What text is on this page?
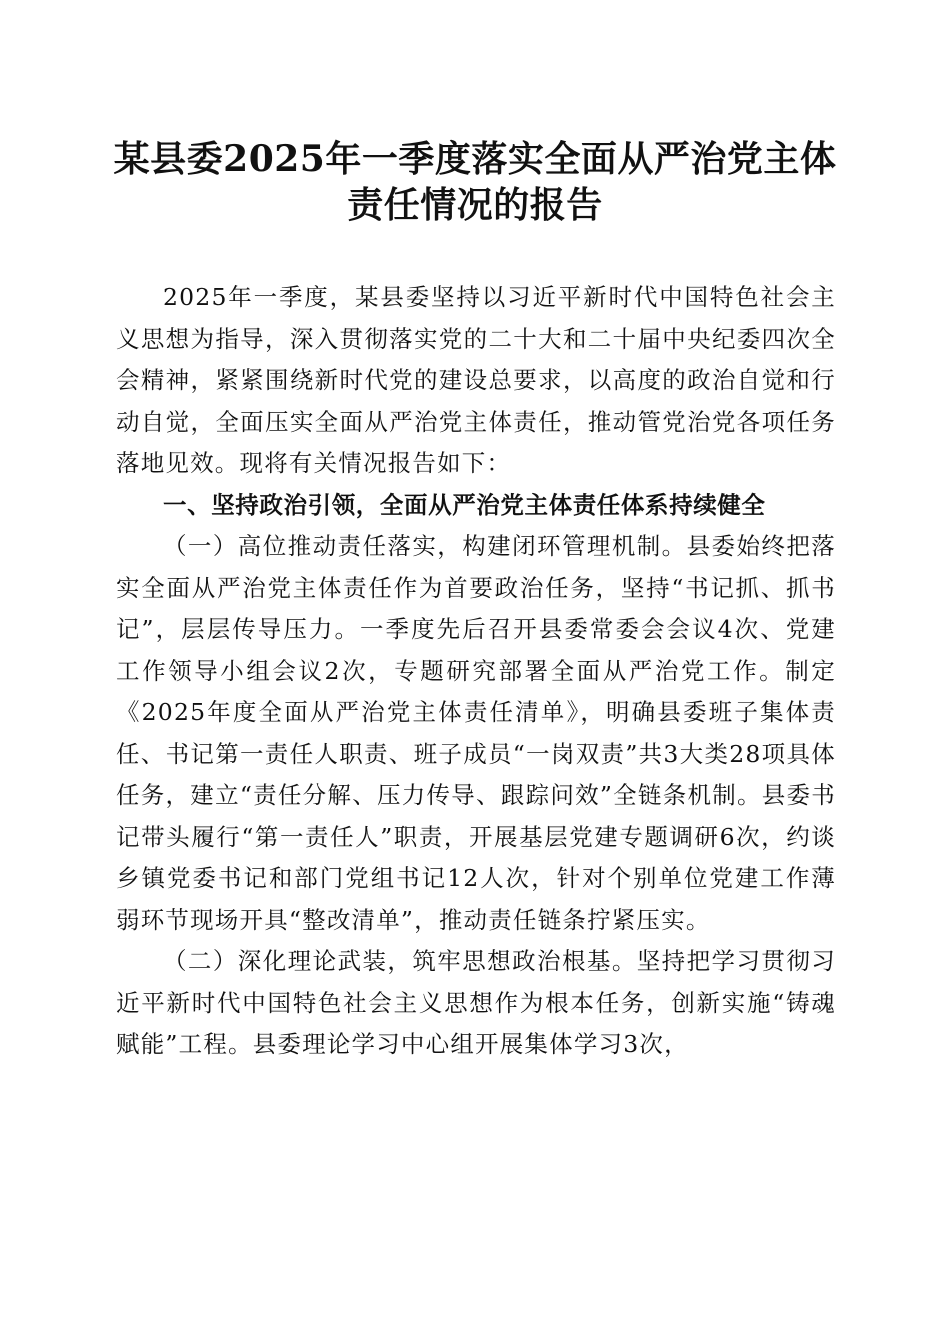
某县委2025年一季度落实全面从严治党主体
责任情况的报告

2025年一季度，某县委坚持以习近平新时代中国特色社会主义思想为指导，深入贯彻落实党的二十大和二十届中央纪委四次全会精神，紧紧围绕新时代党的建设总要求，以高度的政治自觉和行动自觉，全面压实全面从严治党主体责任，推动管党治党各项任务落地见效。现将有关情况报告如下：

一、坚持政治引领，全面从严治党主体责任体系持续健全

（一）高位推动责任落实，构建闭环管理机制。县委始终把落实全面从严治党主体责任作为首要政治任务，坚持“书记抓、抓书记”，层层传导压力。一季度先后召开县委常委会会议4次、党建工作领导小组会议2次，专题研究部署全面从严治党工作。制定《2025年度全面从严治党主体责任清单》，明确县委班子集体责任、书记第一责任人职责、班子成员“一岗双责”共3大类28项具体任务，建立“责任分解、压力传导、跟踪问效”全链条机制。县委书记带头履行“第一责任人”职责，开展基层党建专题调研6次，约谈乡镇党委书记和部门党组书记12人次，针对个别单位党建工作薄弱环节现场开具“整改清单”，推动责任链条拧紧压实。

（二）深化理论武装，筑牢思想政治根基。坚持把学习贯彻习近平新时代中国特色社会主义思想作为根本任务，创新实施“铸魂赋能”工程。县委理论学习中心组开展集体学习3次，
